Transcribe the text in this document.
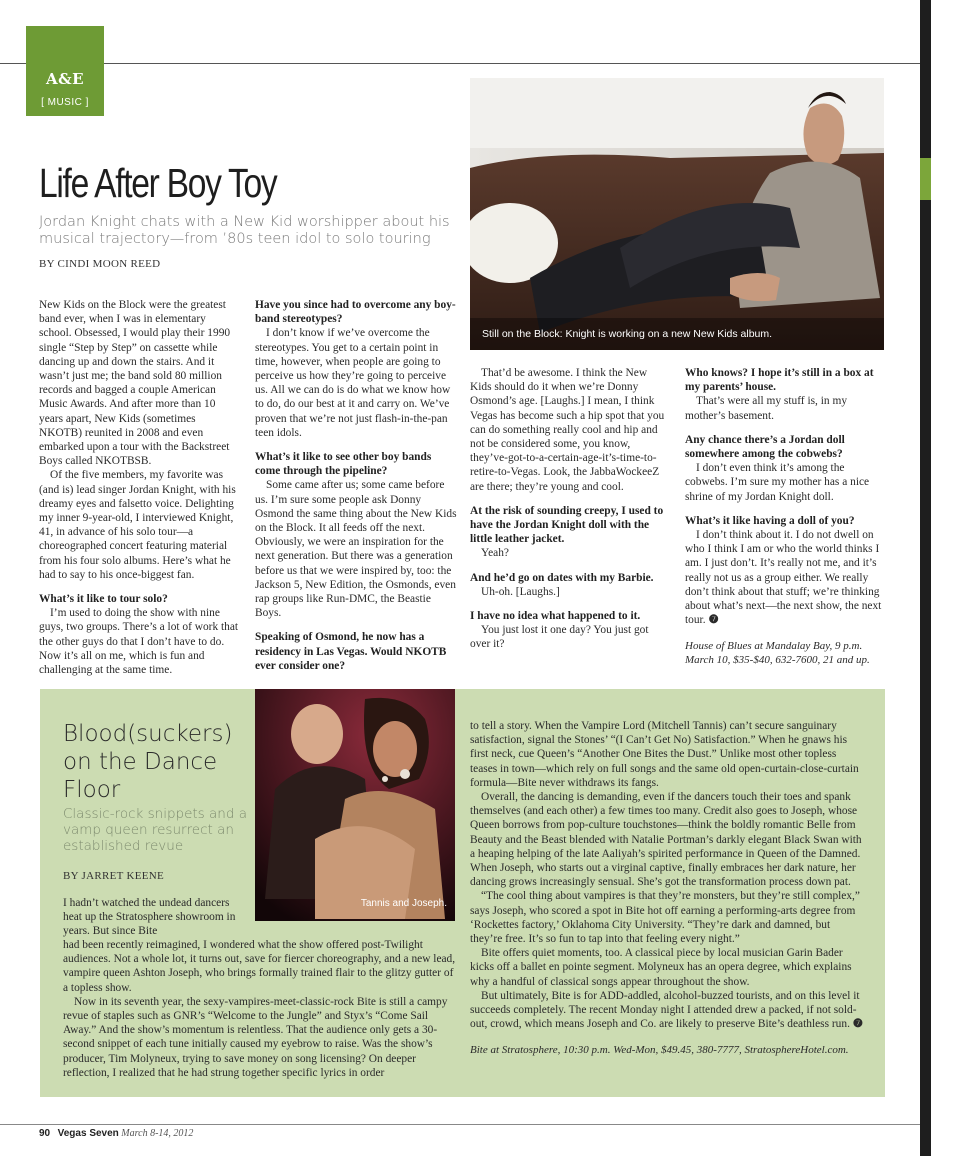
A&E
[ MUSIC ]
Life After Boy Toy
Jordan Knight chats with a New Kid worshipper about his musical trajectory—from ’80s teen idol to solo touring
BY CINDI MOON REED
Still on the Block: Knight is working on a new New Kids album.

New Kids on the Block were the greatest band ever, when I was in elementary school. Obsessed, I would play their 1990 single “Step by Step” on cassette while dancing up and down the stairs. And it wasn’t just me; the band sold 80 million records and bagged a couple American Music Awards. And after more than 10 years apart, New Kids (sometimes NKOTB) reunited in 2008 and even embarked upon a tour with the Backstreet Boys called NKOTBSB.

Of the five members, my favorite was (and is) lead singer Jordan Knight, with his dreamy eyes and falsetto voice. Delighting my inner 9-year-old, I interviewed Knight, 41, in advance of his solo tour—a choreographed concert featuring material from his four solo albums. Here’s what he had to say to his once-biggest fan.

What’s it like to tour solo?

I’m used to doing the show with nine guys, two groups. There’s a lot of work that the other guys do that I don’t have to do. Now it’s all on me, which is fun and challenging at the same time.

Have you since had to overcome any boy-band stereotypes?

I don’t know if we’ve overcome the stereotypes. You get to a certain point in time, however, when people are going to perceive us how they’re going to perceive us. All we can do is do what we know how to do, do our best at it and carry on. We’ve proven that we’re not just flash-in-the-pan teen idols.

What’s it like to see other boy bands come through the pipeline?

Some came after us; some came before us. I’m sure some people ask Donny Osmond the same thing about the New Kids on the Block. It all feeds off the next. Obviously, we were an inspiration for the next generation. But there was a generation before us that we were inspired by, too: the Jackson 5, New Edition, the Osmonds, even rap groups like Run-DMC, the Beastie Boys.

Speaking of Osmond, he now has a residency in Las Vegas. Would NKOTB ever consider one?

That’d be awesome. I think the New Kids should do it when we’re Donny Osmond’s age. [Laughs.] I mean, I think Vegas has become such a hip spot that you can do something really cool and hip and not be considered some, you know, they’ve-got-to-a-certain-age-it’s-time-to-retire-to-Vegas. Look, the JabbaWockeeZ are there; they’re young and cool.

At the risk of sounding creepy, I used to have the Jordan Knight doll with the little leather jacket.

Yeah?

And he’d go on dates with my Barbie.

Uh-oh. [Laughs.]

I have no idea what happened to it.

You just lost it one day? You just got over it?

Who knows? I hope it’s still in a box at my parents’ house.

That’s were all my stuff is, in my mother’s basement.

Any chance there’s a Jordan doll somewhere among the cobwebs?

I don’t even think it’s among the cobwebs. I’m sure my mother has a nice shrine of my Jordan Knight doll.

What’s it like having a doll of you?

I don’t think about it. I do not dwell on who I think I am or who the world thinks I am. I just don’t. It’s really not me, and it’s really not us as a group either. We really don’t think about that stuff; we’re thinking about what’s next—the next show, the next tour. ❼

House of Blues at Mandalay Bay, 9 p.m. March 10, $35-$40, 632-7600, 21 and up.

Tannis and Joseph.
Blood(suckers) on the Dance Floor
Classic-rock snippets and a vamp queen resurrect an established revue
BY JARRET KEENE

I hadn’t watched the undead dancers heat up the Stratosphere showroom in years. But since Bite

had been recently reimagined, I wondered what the show offered post-Twilight audiences. Not a whole lot, it turns out, save for fiercer choreography, and a new lead, vampire queen Ashton Joseph, who brings formally trained flair to the glitzy gutter of a topless show.

Now in its seventh year, the sexy-vampires-meet-classic-rock Bite is still a campy revue of staples such as GNR’s “Welcome to the Jungle” and Styx’s “Come Sail Away.” And the show’s momentum is relentless. That the audience only gets a 30-second snippet of each tune initially caused my eyebrow to raise. Was the show’s producer, Tim Molyneux, trying to save money on song licensing? On deeper reflection, I realized that he had strung together specific lyrics in order

to tell a story. When the Vampire Lord (Mitchell Tannis) can’t secure sanguinary satisfaction, signal the Stones’ “(I Can’t Get No) Satisfaction.” When he gnaws his first neck, cue Queen’s “Another One Bites the Dust.” Unlike most other topless teases in town—which rely on full songs and the same old open-curtain-close-curtain formula—Bite never withdraws its fangs.

Overall, the dancing is demanding, even if the dancers touch their toes and spank themselves (and each other) a few times too many. Credit also goes to Joseph, whose Queen borrows from pop-culture touchstones—think the boldly romantic Belle from Beauty and the Beast blended with Natalie Portman’s darkly elegant Black Swan with a heaping helping of the late Aaliyah’s spirited performance in Queen of the Damned. When Joseph, who starts out a virginal captive, finally embraces her dark nature, her dancing grows increasingly sensual. She’s got the transformation process down pat.

“The cool thing about vampires is that they’re monsters, but they’re still complex,” says Joseph, who scored a spot in Bite hot off earning a performing-arts degree from ‘Rockettes factory,’ Oklahoma City University. “They’re dark and damned, but they’re free. It’s so fun to tap into that feeling every night.”

Bite offers quiet moments, too. A classical piece by local musician Garin Bader kicks off a ballet en pointe segment. Molyneux has an opera degree, which explains why a handful of classical songs appear throughout the show.

But ultimately, Bite is for ADD-addled, alcohol-buzzed tourists, and on this level it succeeds completely. The recent Monday night I attended drew a packed, if not sold-out, crowd, which means Joseph and Co. are likely to preserve Bite’s deathless run. ❼

Bite at Stratosphere, 10:30 p.m. Wed-Mon, $49.45, 380-7777, StratosphereHotel.com.

90 Vegas Seven March 8-14, 2012
